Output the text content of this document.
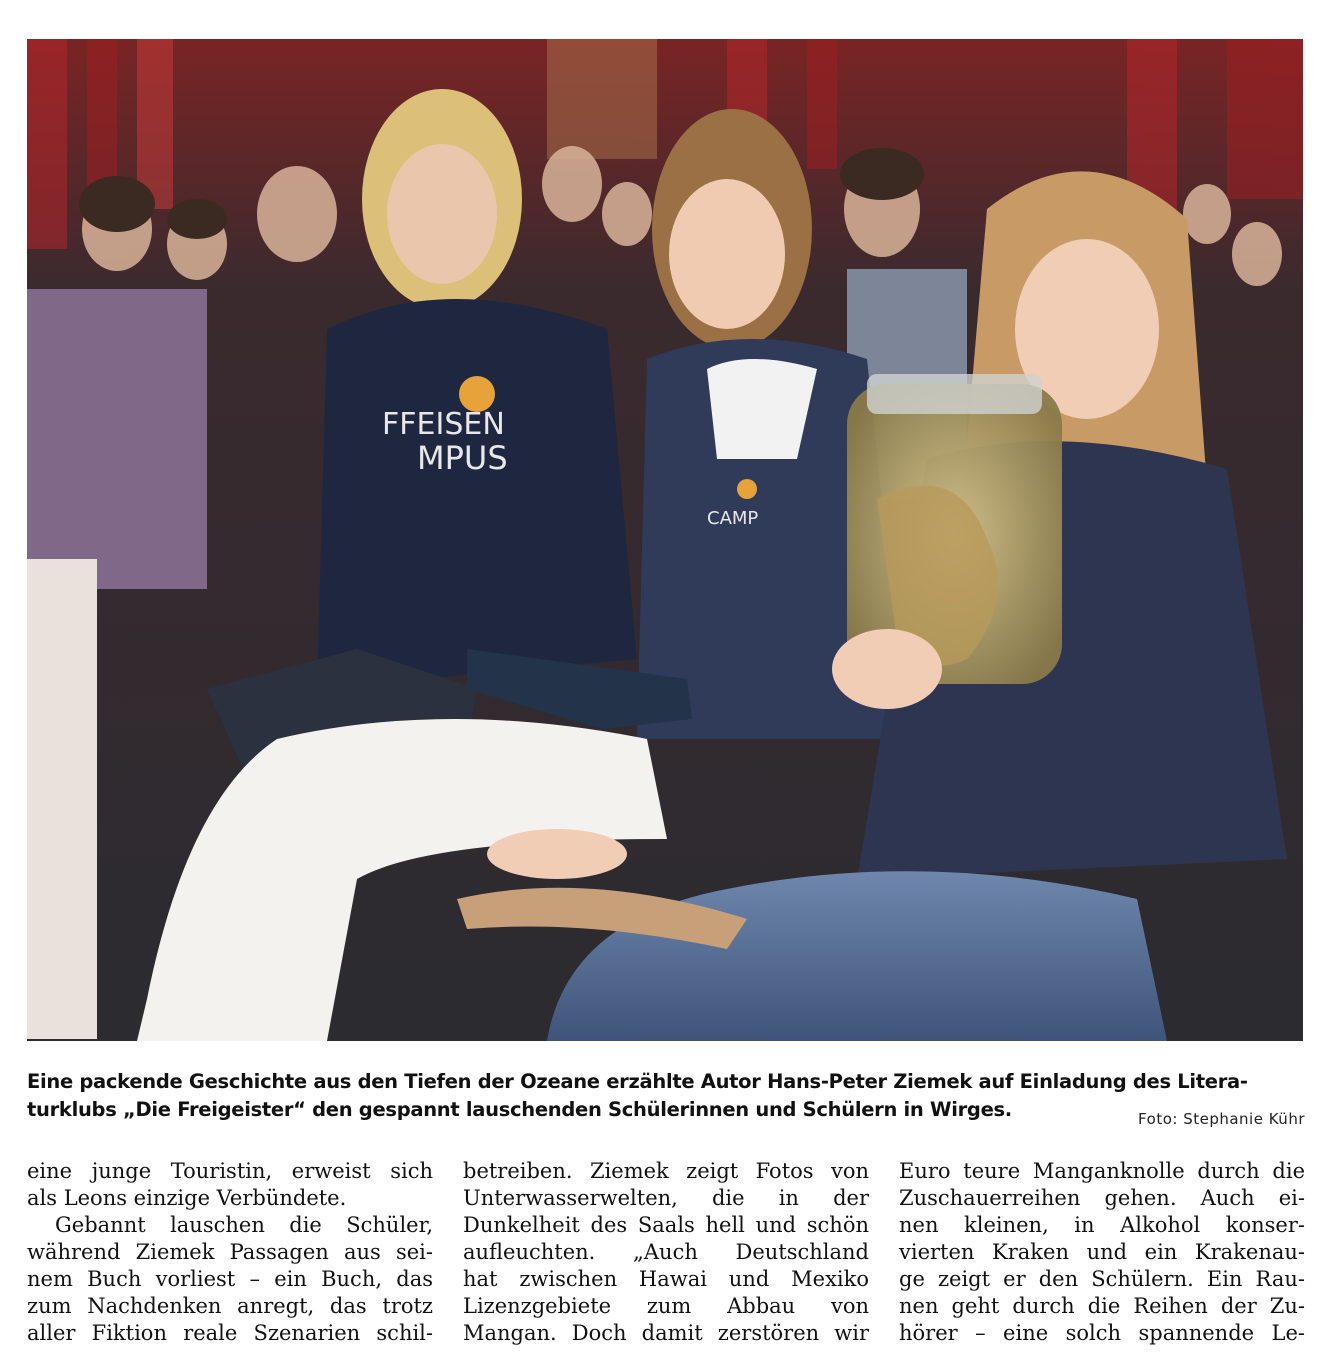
FFEISEN
MPUS
CAMP
Eine packende Geschichte aus den Tiefen der Ozeane erzählte Autor Hans-Peter Ziemek auf Einladung des Litera-
turklubs „Die Freigeister“ den gespannt lauschenden Schülerinnen und Schülern in Wirges.	Foto: Stephanie Kühr
eine junge Touristin, erweist sich
als Leons einzige Verbündete.
Gebannt lauschen die Schüler,
während Ziemek Passagen aus sei-
nem Buch vorliest – ein Buch, das
zum Nachdenken anregt, das trotz
aller Fiktion reale Szenarien schil-
betreiben. Ziemek zeigt Fotos von
Unterwasserwelten, die in der
Dunkelheit des Saals hell und schön
aufleuchten. „Auch Deutschland
hat zwischen Hawai und Mexiko
Lizenzgebiete zum Abbau von
Mangan. Doch damit zerstören wir
Euro teure Manganknolle durch die
Zuschauerreihen gehen. Auch ei-
nen kleinen, in Alkohol konser-
vierten Kraken und ein Krakenau-
ge zeigt er den Schülern. Ein Rau-
nen geht durch die Reihen der Zu-
hörer – eine solch spannende Le-
